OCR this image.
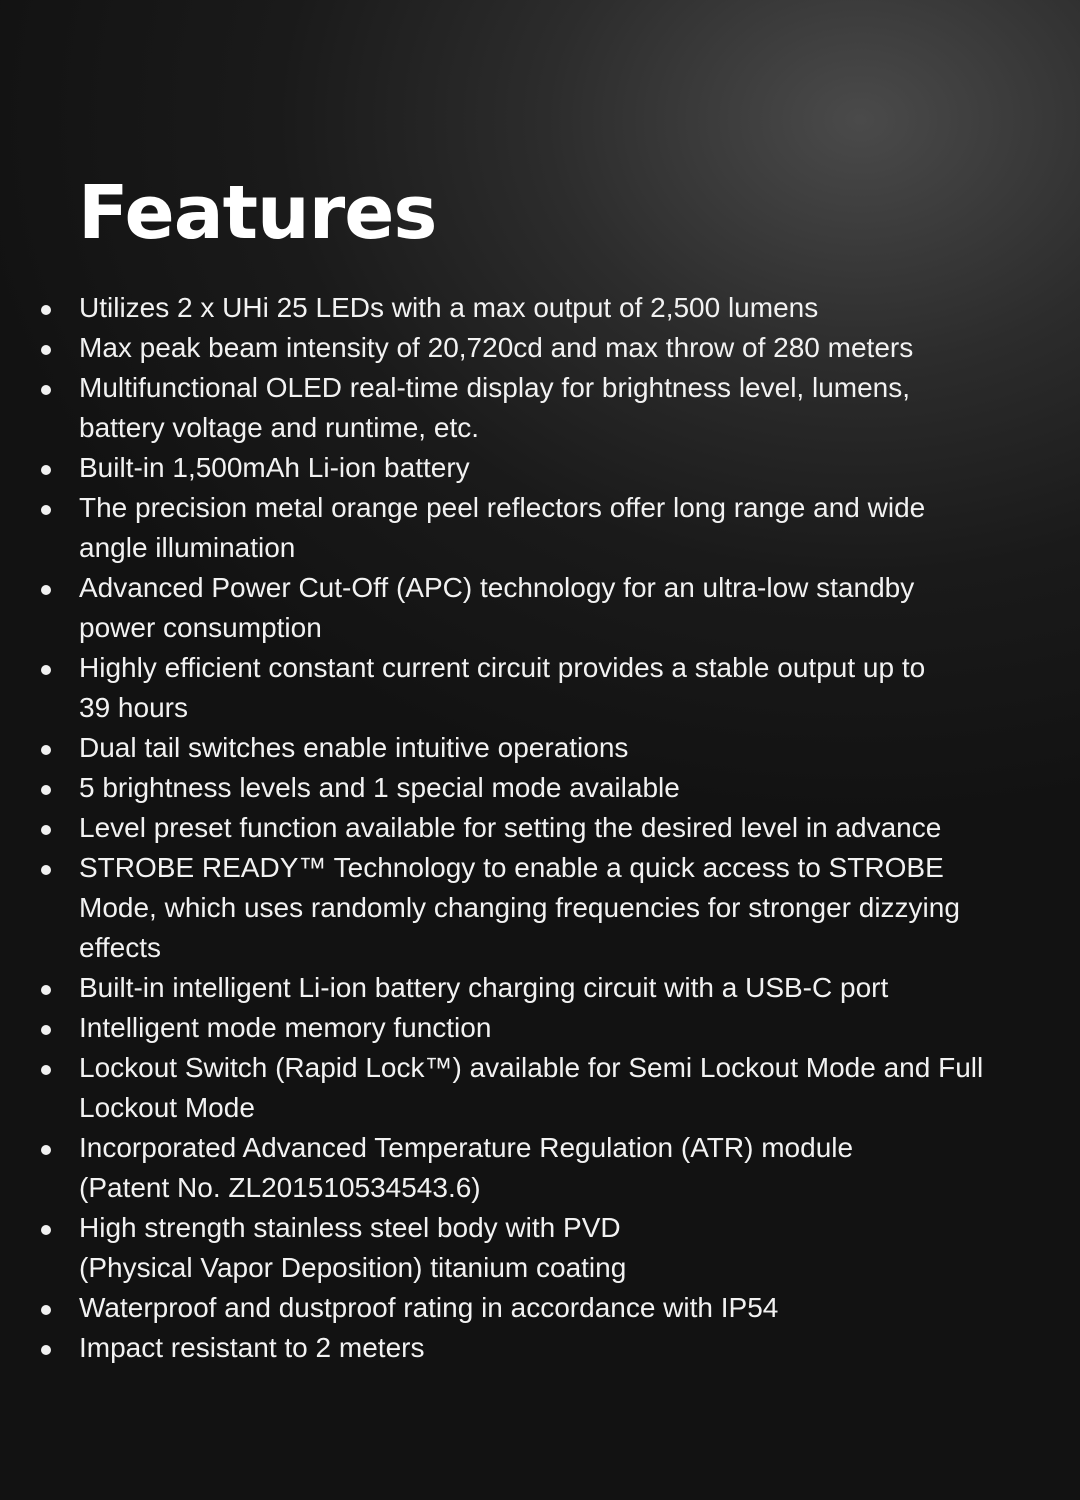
Features
Utilizes 2 x UHi 25 LEDs with a max output of 2,500 lumens
Max peak beam intensity of 20,720cd and max throw of 280 meters
Multifunctional OLED real-time display for brightness level, lumens,
battery voltage and runtime, etc.
Built-in 1,500mAh Li-ion battery
The precision metal orange peel reflectors offer long range and wide
angle illumination
Advanced Power Cut-Off (APC) technology for an ultra-low standby
power consumption
Highly efficient constant current circuit provides a stable output up to
39 hours
Dual tail switches enable intuitive operations
5 brightness levels and 1 special mode available
Level preset function available for setting the desired level in advance
STROBE READY™ Technology to enable a quick access to STROBE
Mode, which uses randomly changing frequencies for stronger dizzying
effects
Built-in intelligent Li-ion battery charging circuit with a USB-C port
Intelligent mode memory function
Lockout Switch (Rapid Lock™) available for Semi Lockout Mode and Full
Lockout Mode
Incorporated Advanced Temperature Regulation (ATR) module
(Patent No. ZL201510534543.6)
High strength stainless steel body with PVD
(Physical Vapor Deposition) titanium coating
Waterproof and dustproof rating in accordance with IP54
Impact resistant to 2 meters
